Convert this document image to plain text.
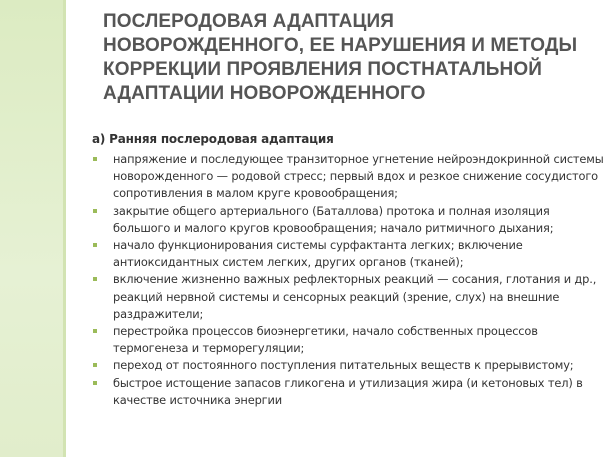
ПОСЛЕРОДОВАЯ АДАПТАЦИЯ НОВОРОЖДЕННОГО, ЕЕ НАРУШЕНИЯ И МЕТОДЫ КОРРЕКЦИИ ПРОЯВЛЕНИЯ ПОСТНАТАЛЬНОЙ АДАПТАЦИИ НОВОРОЖДЕННОГО
а) Ранняя послеродовая адаптация
напряжение и последующее транзиторное угнетение нейроэндокринной системы новорожденного — родовой стресс; первый вдох и резкое снижение сосудистого сопротивления в малом круге кровообращения;
закрытие общего артериального (Баталлова) протока и полная изоляция большого и малого кругов кровообращения; начало ритмичного дыхания;
начало функционирования системы сурфактанта легких; включение антиоксидантных систем легких, других органов (тканей);
включение жизненно важных рефлекторных реакций — сосания, глотания и др., реакций нервной системы и сенсорных реакций (зрение, слух) на внешние раздражители;
перестройка процессов биоэнергетики, начало собственных процессов термогенеза и терморегуляции;
переход от постоянного поступления питательных веществ к прерывистому;
быстрое истощение запасов гликогена и утилизация жира (и кетоновых тел) в качестве источника энергии
